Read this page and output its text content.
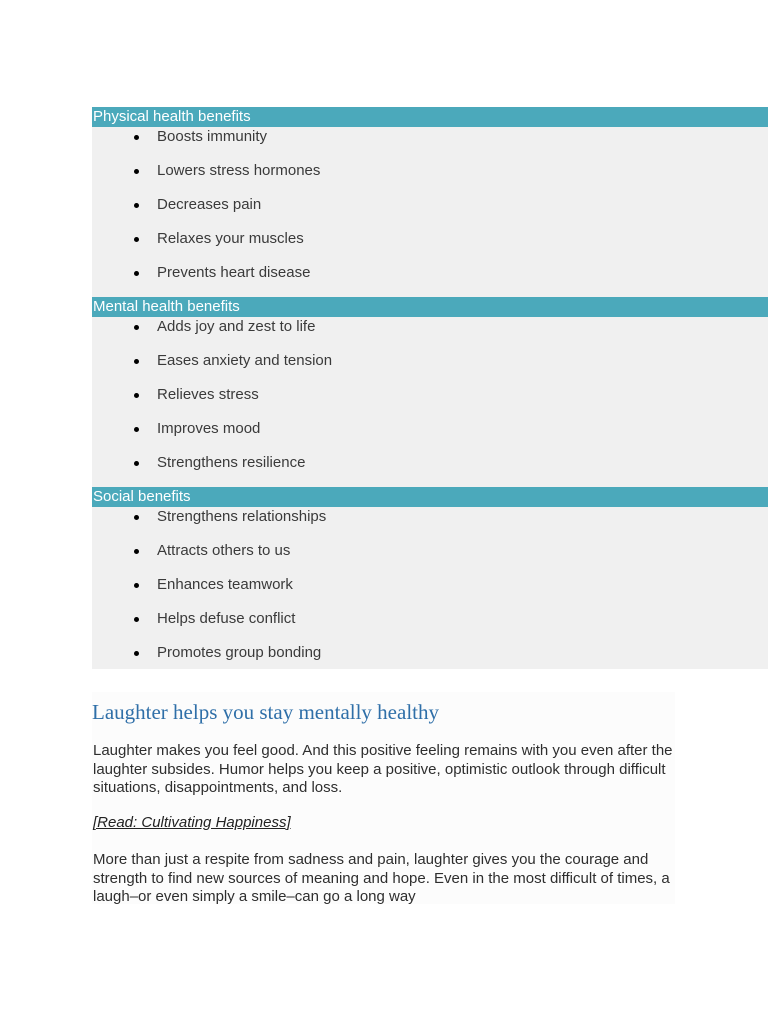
Physical health benefits
Boosts immunity
Lowers stress hormones
Decreases pain
Relaxes your muscles
Prevents heart disease
Mental health benefits
Adds joy and zest to life
Eases anxiety and tension
Relieves stress
Improves mood
Strengthens resilience
Social benefits
Strengthens relationships
Attracts others to us
Enhances teamwork
Helps defuse conflict
Promotes group bonding
Laughter helps you stay mentally healthy

Laughter makes you feel good. And this positive feeling remains with you even after the laughter subsides. Humor helps you keep a positive, optimistic outlook through difficult situations, disappointments, and loss.

[Read: Cultivating Happiness]

More than just a respite from sadness and pain, laughter gives you the courage and strength to find new sources of meaning and hope. Even in the most difficult of times, a laugh–or even simply a smile–can go a long way
